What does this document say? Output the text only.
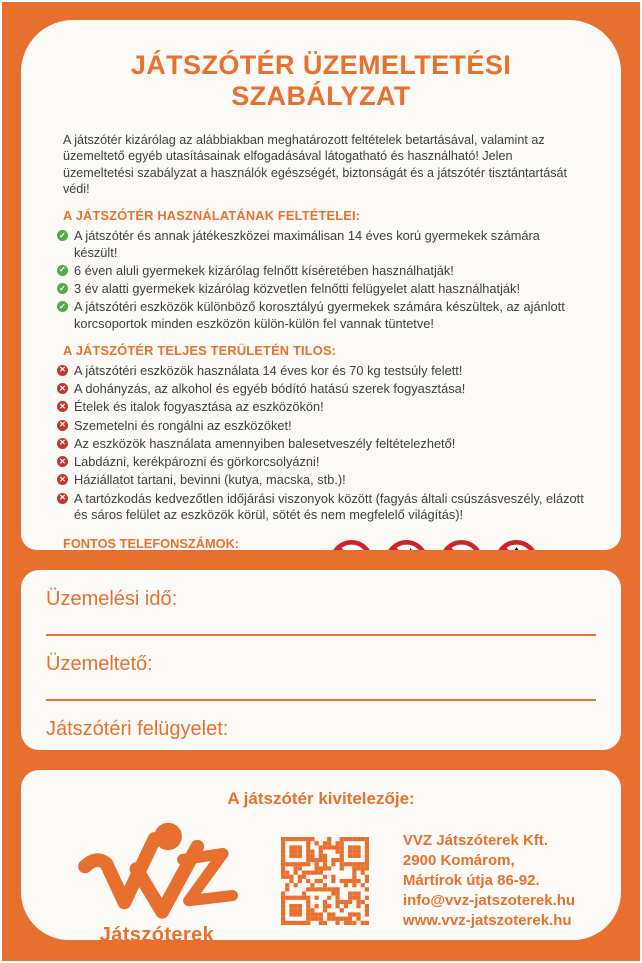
JÁTSZÓTÉR ÜZEMELTETÉSI SZABÁLYZAT

A játszótér kizárólag az alábbiakban meghatározott feltételek betartásával, valamint az üzemeltető egyéb utasításainak elfogadásával látogatható és használható! Jelen üzemeltetési szabályzat a használók egészségét, biztonságát és a játszótér tisztántartását védi!

A JÁTSZÓTÉR HASZNÁLATÁNAK FELTÉTELEI:
✓ A játszótér és annak játékeszközei maximálisan 14 éves korú gyermekek számára készült!
✓ 6 éven aluli gyermekek kizárólag felnőtt kíséretében használhatják!
✓ 3 év alatti gyermekek kizárólag közvetlen felnőtti felügyelet alatt használhatják!
✓ A játszótéri eszközök különböző korosztályú gyermekek számára készültek, az ajánlott korcsoportok minden eszközön külön-külön fel vannak tüntetve!
A JÁTSZÓTÉR TELJES TERÜLETÉN TILOS:
✕ A játszótéri eszközök használata 14 éves kor és 70 kg testsúly felett!
✕ A dohányzás, az alkohol és egyéb bódító hatású szerek fogyasztása!
✕ Ételek és italok fogyasztása az eszközökön!
✕ Szemetelni és rongálni az eszközöket!
✕ Az eszközök használata amennyiben balesetveszély feltételezhető!
✕ Labdázni, kerékpározni és görkorcsolyázni!
✕ Háziállatot tartani, bevinni (kutya, macska, stb.)!
✕ A tartózkodás kedvezőtlen időjárási viszonyok között (fagyás általi csúszásveszély, elázott és sáros felület az eszközök körül, sötét és nem megfelelő világítás)!
FONTOS TELEFONSZÁMOK:
Üzemelési idő:
Üzemeltető:
Játszótéri felügyelet:
A játszótér kivitelezője:
Játszóterek
VVZ Játszóterek Kft.
2900 Komárom,
Mártírok útja 86-92.
info@vvz-jatszoterek.hu
www.vvz-jatszoterek.hu
